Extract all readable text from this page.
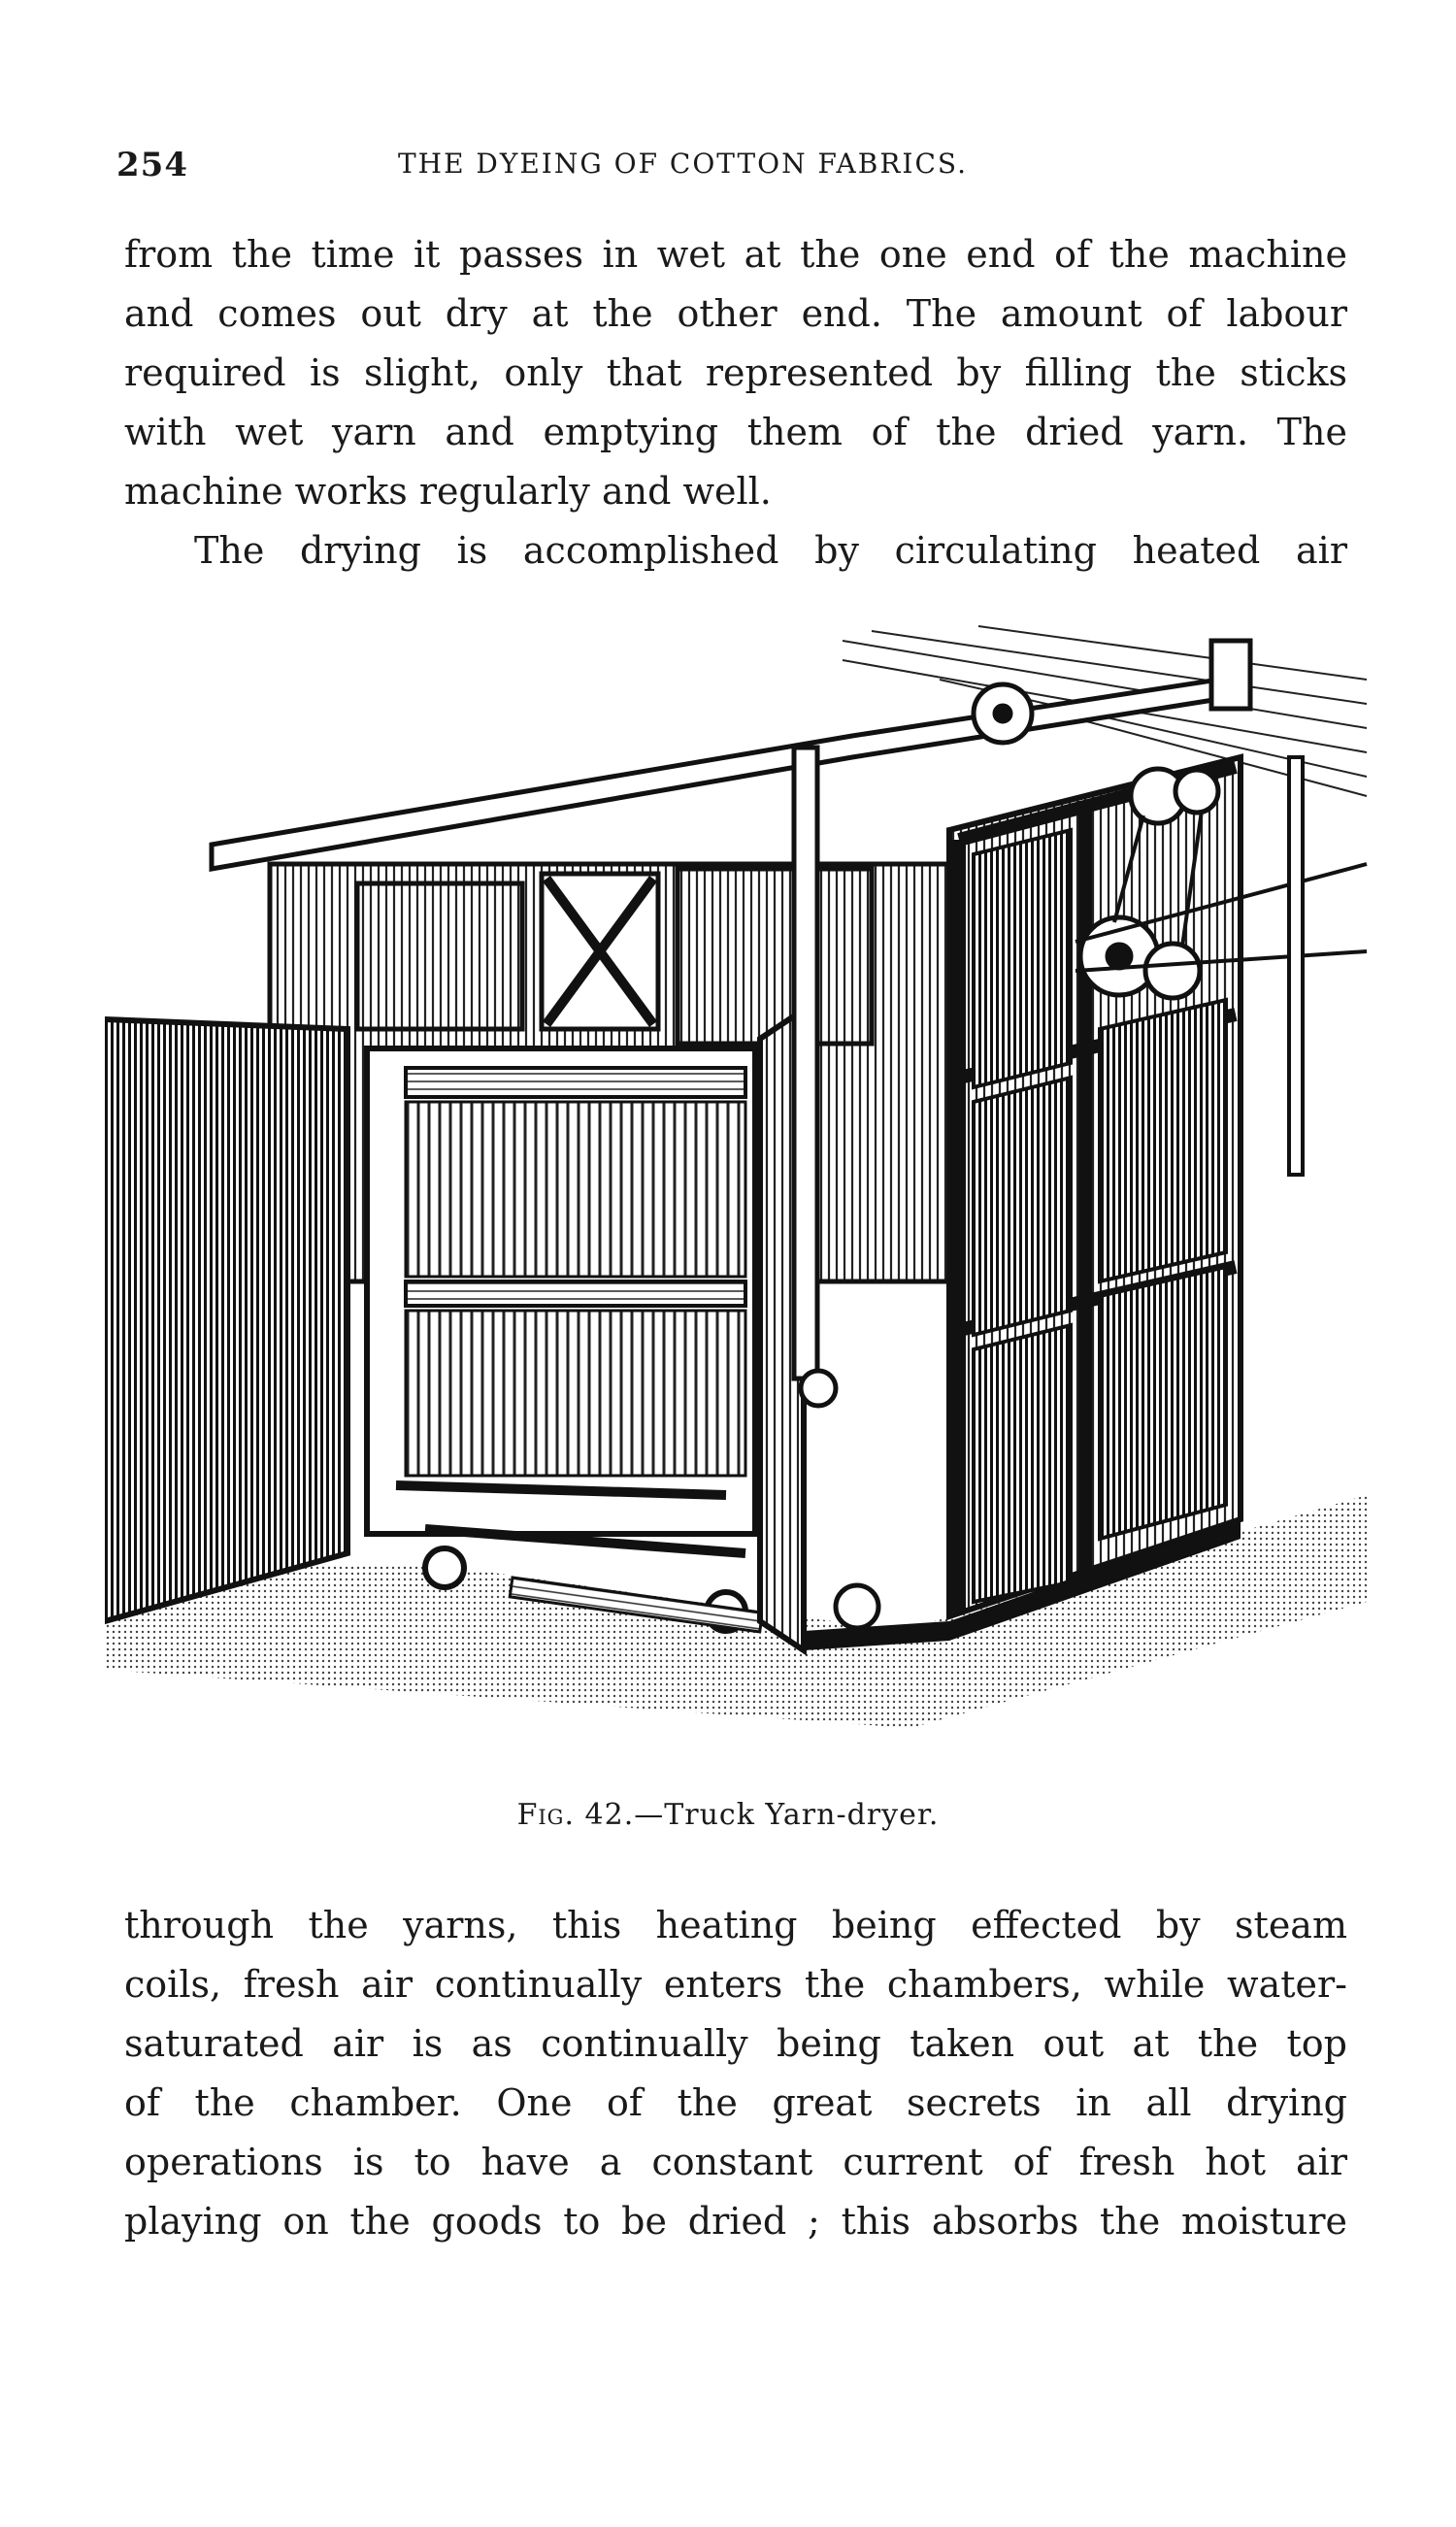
254	THE DYEING OF COTTON FABRICS.
from the time it passes in wet at the one end of the machine
and comes out dry at the other end. The amount of labour
required is slight, only that represented by filling the sticks
with wet yarn and emptying them of the dried yarn. The
machine works regularly and well.
The drying is accomplished by circulating heated air
Fig. 42.—Truck Yarn-dryer.
through the yarns, this heating being effected by steam
coils, fresh air continually enters the chambers, while water-
saturated air is as continually being taken out at the top
of the chamber. One of the great secrets in all drying
operations is to have a constant current of fresh hot air
playing on the goods to be dried ; this absorbs the moisture
